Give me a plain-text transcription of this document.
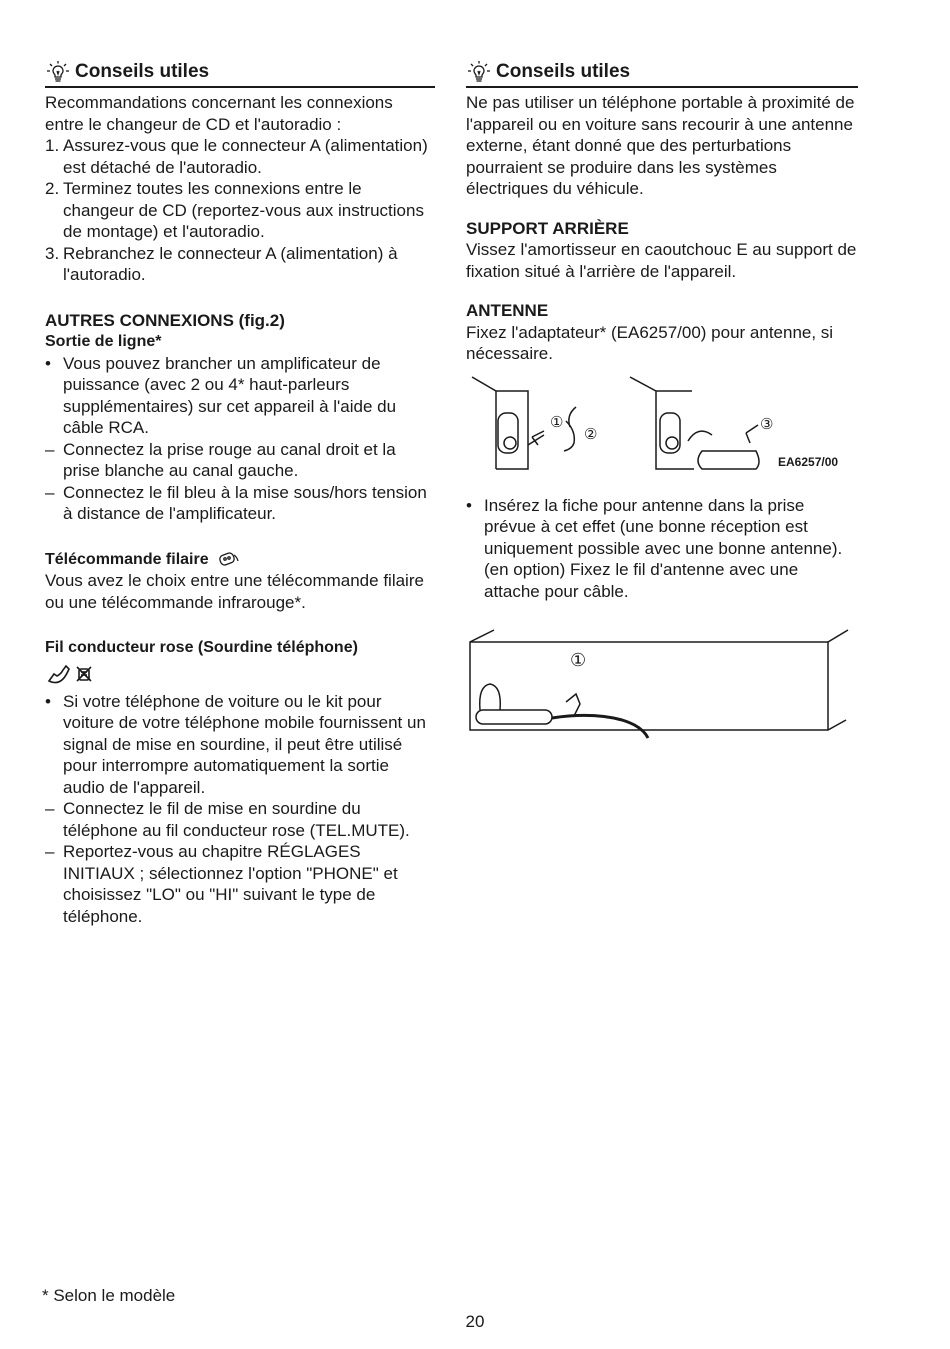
Conseils utiles

Recommandations concernant les connexions entre le changeur de CD et l'autoradio :

1. Assurez-vous que le connecteur A (alimentation) est détaché de l'autoradio.
2. Terminez toutes les connexions entre le changeur de CD (reportez-vous aux instructions de montage) et l'autoradio.
3. Rebranchez le connecteur A (alimentation) à l'autoradio.
AUTRES CONNEXIONS (fig.2)
Sortie de ligne*
• Vous pouvez brancher un amplificateur de puissance (avec 2 ou 4* haut-parleurs supplémentaires) sur cet appareil à l'aide du câble RCA.
– Connectez la prise rouge au canal droit et la prise blanche au canal gauche.
– Connectez le fil bleu à la mise sous/hors tension à distance de l'amplificateur.
Télécommande filaire

Vous avez le choix entre une télécommande filaire ou une télécommande infrarouge*.

Fil conducteur rose (Sourdine téléphone)
• Si votre téléphone de voiture ou le kit pour voiture de votre téléphone mobile fournissent un signal de mise en sourdine, il peut être utilisé pour interrompre automatiquement la sortie audio de l'appareil.
– Connectez le fil de mise en sourdine du téléphone au fil conducteur rose (TEL.MUTE).
– Reportez-vous au chapitre RÉGLAGES INITIAUX ; sélectionnez l'option "PHONE" et choisissez "LO" ou "HI" suivant le type de téléphone.
Conseils utiles

Ne pas utiliser un téléphone portable à proximité de l'appareil ou en voiture sans recourir à une antenne externe, étant donné que des perturbations pourraient se produire dans les systèmes électriques du véhicule.

SUPPORT ARRIÈRE

Vissez l'amortisseur en caoutchouc E au support de fixation situé à l'arrière de l'appareil.

ANTENNE

Fixez l'adaptateur* (EA6257/00) pour antenne, si nécessaire.

①
②
③
EA6257/00
• Insérez la fiche pour antenne dans la prise prévue à cet effet (une bonne réception est uniquement possible avec une bonne antenne). (en option) Fixez le fil d'antenne avec une attache pour câble.
①
* Selon le modèle
20
